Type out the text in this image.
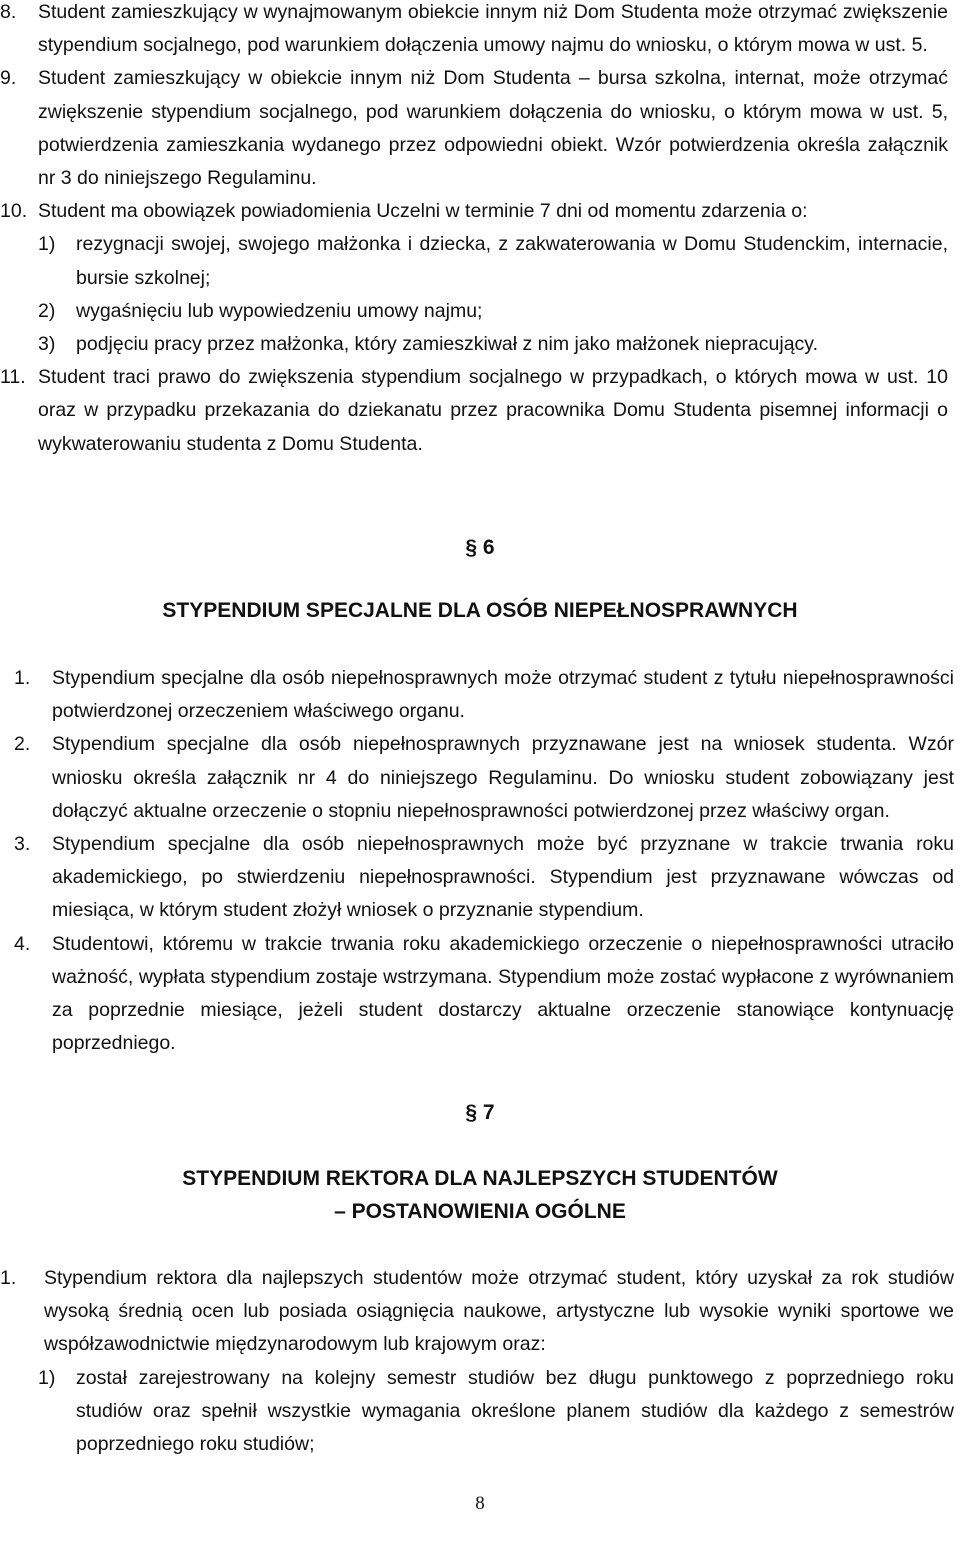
8. Student zamieszkujący w wynajmowanym obiekcie innym niż Dom Studenta może otrzymać zwiększenie stypendium socjalnego, pod warunkiem dołączenia umowy najmu do wniosku, o którym mowa w ust. 5.
9. Student zamieszkujący w obiekcie innym niż Dom Studenta – bursa szkolna, internat, może otrzymać zwiększenie stypendium socjalnego, pod warunkiem dołączenia do wniosku, o którym mowa w ust. 5, potwierdzenia zamieszkania wydanego przez odpowiedni obiekt. Wzór potwierdzenia określa załącznik nr 3 do niniejszego Regulaminu.
10. Student ma obowiązek powiadomienia Uczelni w terminie 7 dni od momentu zdarzenia o:
1) rezygnacji swojej, swojego małżonka i dziecka, z zakwaterowania w Domu Studenckim, internacie, bursie szkolnej;
2) wygaśnięciu lub wypowiedzeniu umowy najmu;
3) podjęciu pracy przez małżonka, który zamieszkiwał z nim jako małżonek niepracujący.
11. Student traci prawo do zwiększenia stypendium socjalnego w przypadkach, o których mowa w ust. 10 oraz w przypadku przekazania do dziekanatu przez pracownika Domu Studenta pisemnej informacji o wykwaterowaniu studenta z Domu Studenta.
§ 6
STYPENDIUM SPECJALNE DLA OSÓB NIEPEŁNOSPRAWNYCH
1. Stypendium specjalne dla osób niepełnosprawnych może otrzymać student z tytułu niepełnosprawności potwierdzonej orzeczeniem właściwego organu.
2. Stypendium specjalne dla osób niepełnosprawnych przyznawane jest na wniosek studenta. Wzór wniosku określa załącznik nr 4 do niniejszego Regulaminu. Do wniosku student zobowiązany jest dołączyć aktualne orzeczenie o stopniu niepełnosprawności potwierdzonej przez właściwy organ.
3. Stypendium specjalne dla osób niepełnosprawnych może być przyznane w trakcie trwania roku akademickiego, po stwierdzeniu niepełnosprawności. Stypendium jest przyznawane wówczas od miesiąca, w którym student złożył wniosek o przyznanie stypendium.
4. Studentowi, któremu w trakcie trwania roku akademickiego orzeczenie o niepełnosprawności utraciło ważność, wypłata stypendium zostaje wstrzymana. Stypendium może zostać wypłacone z wyrównaniem za poprzednie miesiące, jeżeli student dostarczy aktualne orzeczenie stanowiące kontynuację poprzedniego.
§ 7
STYPENDIUM REKTORA DLA NAJLEPSZYCH STUDENTÓW
– POSTANOWIENIA OGÓLNE
1. Stypendium rektora dla najlepszych studentów może otrzymać student, który uzyskał za rok studiów wysoką średnią ocen lub posiada osiągnięcia naukowe, artystyczne lub wysokie wyniki sportowe we współzawodnictwie międzynarodowym lub krajowym oraz:
1) został zarejestrowany na kolejny semestr studiów bez długu punktowego z poprzedniego roku studiów oraz spełnił wszystkie wymagania określone planem studiów dla każdego z semestrów poprzedniego roku studiów;
8
